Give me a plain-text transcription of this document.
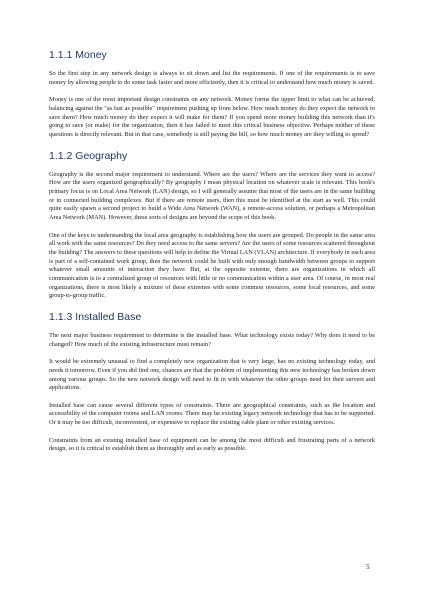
1.1.1 Money

So the first step in any network design is always to sit down and list the requirements. If one of the requirements is to save money by allowing people to do some task faster and more efficiently, then it is critical to understand how much money is saved.

Money is one of the most important design constraints on any network. Money forms the upper limit to what can be achieved, balancing against the "as fast as possible" requirement pushing up from below. How much money do they expect the network to save them? How much money do they expect it will make for them? If you spend more money building this network than it's going to save (or make) for the organization, then it has failed to meet this critical business objective. Perhaps neither of these questions is directly relevant. But in that case, somebody is still paying the bill, so how much money are they willing to spend?

1.1.2 Geography

Geography is the second major requirement to understand. Where are the users? Where are the services they want to access? How are the users organized geographically? By geography I mean physical location on whatever scale is relevant. This book's primary focus is on Local Area Network (LAN) design, so I will generally assume that most of the users are in the same building or in connected building complexes. But if there are remote users, then this must be identified at the start as well. This could quite easily spawn a second project to build a Wide Area Network (WAN), a remote-access solution, or perhaps a Metropolitan Area Network (MAN). However, these sorts of designs are beyond the scope of this book.

One of the keys to understanding the local area geography is establishing how the users are grouped. Do people in the same area all work with the same resources? Do they need access to the same servers? Are the users of some resources scattered throughout the building? The answers to these questions will help to define the Virtual LAN (VLAN) architecture. If everybody in each area is part of a self-contained work group, then the network could be built with only enough bandwidth between groups to support whatever small amounts of interaction they have. But, at the opposite extreme, there are organizations in which all communication is to a centralized group of resources with little or no communication within a user area. Of course, in most real organizations, there is most likely a mixture of these extremes with some common resources, some local resources, and some group-to-group traffic.

1.1.3 Installed Base

The next major business requirement to determine is the installed base. What technology exists today? Why does it need to be changed? How much of the existing infrastructure must remain?

It would be extremely unusual to find a completely new organization that is very large, has no existing technology today, and needs it tomorrow. Even if you did find one, chances are that the problem of implementing this new technology has broken down among various groups. So the new network design will need to fit in with whatever the other groups need for their servers and applications.

Installed base can cause several different types of constraints. There are geographical constraints, such as the location and accessibility of the computer rooms and LAN rooms. There may be existing legacy network technology that has to be supported. Or it may be too difficult, inconvenient, or expensive to replace the existing cable plant or other existing services.

Constraints from an existing installed base of equipment can be among the most difficult and frustrating parts of a network design, so it is critical to establish them as thoroughly and as early as possible.

5
